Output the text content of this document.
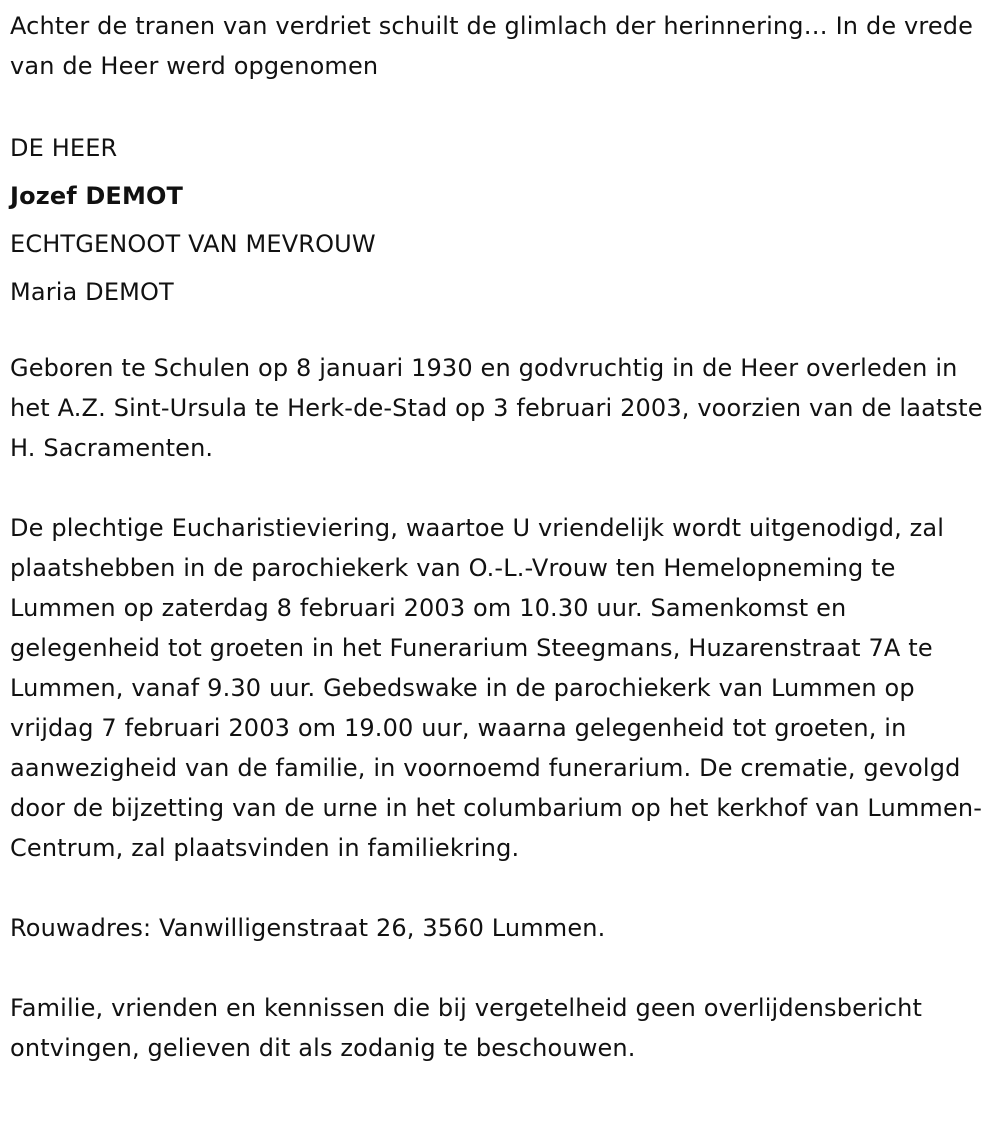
Achter de tranen van verdriet schuilt de glimlach der herinnering… In de vrede van de Heer werd opgenomen

DE HEER
Jozef DEMOT
ECHTGENOOT VAN MEVROUW
Maria DEMOT

Geboren te Schulen op 8 januari 1930 en godvruchtig in de Heer overleden in het A.Z. Sint-Ursula te Herk-de-Stad op 3 februari 2003, voorzien van de laatste H. Sacramenten.

De plechtige Eucharistieviering, waartoe U vriendelijk wordt uitgenodigd, zal plaatshebben in de parochiekerk van O.-L.-Vrouw ten Hemelopneming te Lummen op zaterdag 8 februari 2003 om 10.30 uur. Samenkomst en gelegenheid tot groeten in het Funerarium Steegmans, Huzarenstraat 7A te Lummen, vanaf 9.30 uur. Gebedswake in de parochiekerk van Lummen op vrijdag 7 februari 2003 om 19.00 uur, waarna gelegenheid tot groeten, in aanwezigheid van de familie, in voornoemd funerarium. De crematie, gevolgd door de bijzetting van de urne in het columbarium op het kerkhof van Lummen-Centrum, zal plaatsvinden in familiekring.

Rouwadres: Vanwilligenstraat 26, 3560 Lummen.

Familie, vrienden en kennissen die bij vergetelheid geen overlijdensbericht ontvingen, gelieven dit als zodanig te beschouwen.
